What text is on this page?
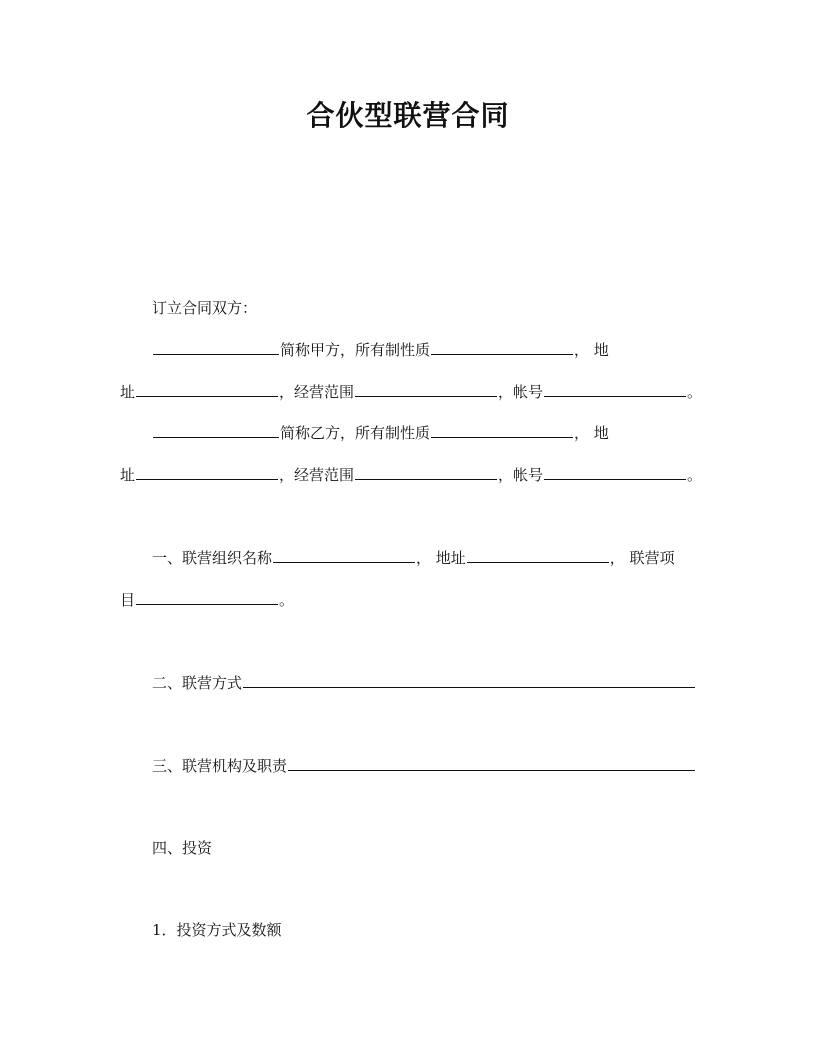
合伙型联营合同
订立合同双方：
简称甲方，所有制性质	， 地
址	，经营范围	，帐号	。
简称乙方，所有制性质	， 地
址	，经营范围	，帐号	。
一、联营组织名称	， 地址	， 联营项
目	。
二、联营方式
三、联营机构及职责
四、投资
1．投资方式及数额
